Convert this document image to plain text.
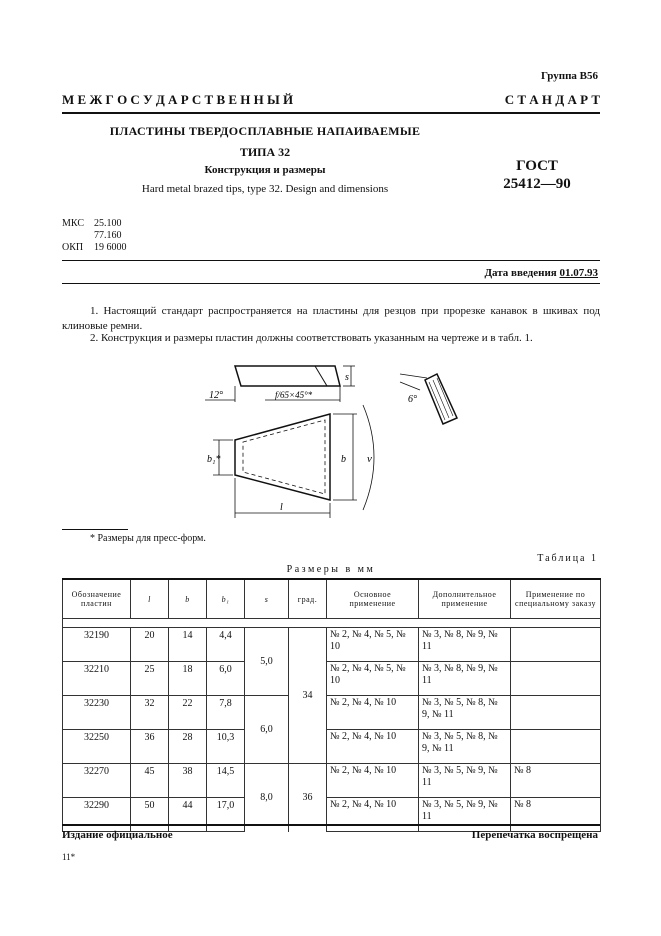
Группа В56
М Е Ж Г О С У Д А Р С Т В Е Н Н Ы Й	С Т А Н Д А Р Т
ПЛАСТИНЫ ТВЕРДОСПЛАВНЫЕ НАПАИВАЕМЫЕ
ТИПА 32
Конструкция и размеры
Hard metal brazed tips, type 32. Design and dimensions
ГОСТ
25412—90
МКС	25.100
77.160
ОКП	19 6000
Дата введения 01.07.93
1. Настоящий стандарт распространяется на пластины для резцов при прорезке канавок в шкивах под клиновые ремни.
2. Конструкция и размеры пластин должны соответствовать указанным на чертеже и в табл. 1.
12°	f/65×45°*
s
6°
b₁*	b ν
l
* Размеры для пресс-форм.
Таблица 1
Размеры в мм
Обозначение пластин	l	b	b₁	s	град.	Основное применение	Дополнительное применение	Применение по специальному заказу

32190	20	14	4,4	5,0	34	№ 2, № 4, № 5, № 10	№ 3, № 8, № 9, № 11	
32210	25	18	6,0			№ 2, № 4, № 5, № 10	№ 3, № 8, № 9, № 11	
32230	32	22	7,8	6,0		№ 2, № 4, № 10	№ 3, № 5, № 8, № 9, № 11	
32250	36	28	10,3			№ 2, № 4, № 10	№ 3, № 5, № 8, № 9, № 11	
32270	45	38	14,5	8,0	36	№ 2, № 4, № 10	№ 3, № 5, № 9, № 11	№ 8
32290	50	44	17,0			№ 2, № 4, № 10	№ 3, № 5, № 9, № 11	№ 8
Издание официальное	Перепечатка воспрещена
11*
